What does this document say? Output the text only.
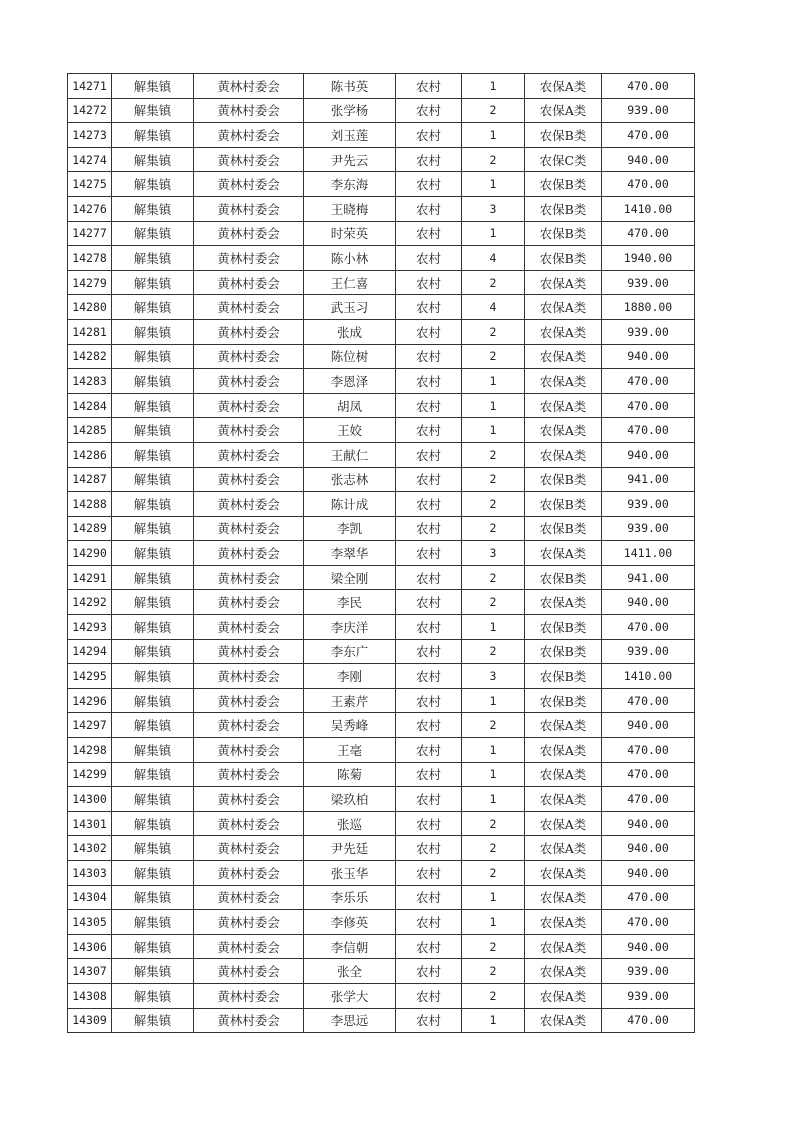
14271	解集镇	黄林村委会	陈书英	农村	1	农保A类	470.00
14272	解集镇	黄林村委会	张学杨	农村	2	农保A类	939.00
14273	解集镇	黄林村委会	刘玉莲	农村	1	农保B类	470.00
14274	解集镇	黄林村委会	尹先云	农村	2	农保C类	940.00
14275	解集镇	黄林村委会	李东海	农村	1	农保B类	470.00
14276	解集镇	黄林村委会	王晓梅	农村	3	农保B类	1410.00
14277	解集镇	黄林村委会	时荣英	农村	1	农保B类	470.00
14278	解集镇	黄林村委会	陈小林	农村	4	农保B类	1940.00
14279	解集镇	黄林村委会	王仁喜	农村	2	农保A类	939.00
14280	解集镇	黄林村委会	武玉习	农村	4	农保A类	1880.00
14281	解集镇	黄林村委会	张成	农村	2	农保A类	939.00
14282	解集镇	黄林村委会	陈位树	农村	2	农保A类	940.00
14283	解集镇	黄林村委会	李恩泽	农村	1	农保A类	470.00
14284	解集镇	黄林村委会	胡凤	农村	1	农保A类	470.00
14285	解集镇	黄林村委会	王姣	农村	1	农保A类	470.00
14286	解集镇	黄林村委会	王献仁	农村	2	农保A类	940.00
14287	解集镇	黄林村委会	张志林	农村	2	农保B类	941.00
14288	解集镇	黄林村委会	陈计成	农村	2	农保B类	939.00
14289	解集镇	黄林村委会	李凯	农村	2	农保B类	939.00
14290	解集镇	黄林村委会	李翠华	农村	3	农保A类	1411.00
14291	解集镇	黄林村委会	梁全刚	农村	2	农保B类	941.00
14292	解集镇	黄林村委会	李民	农村	2	农保A类	940.00
14293	解集镇	黄林村委会	李庆洋	农村	1	农保B类	470.00
14294	解集镇	黄林村委会	李东广	农村	2	农保B类	939.00
14295	解集镇	黄林村委会	李刚	农村	3	农保B类	1410.00
14296	解集镇	黄林村委会	王素芹	农村	1	农保B类	470.00
14297	解集镇	黄林村委会	吴秀峰	农村	2	农保A类	940.00
14298	解集镇	黄林村委会	王亳	农村	1	农保A类	470.00
14299	解集镇	黄林村委会	陈菊	农村	1	农保A类	470.00
14300	解集镇	黄林村委会	梁玖柏	农村	1	农保A类	470.00
14301	解集镇	黄林村委会	张巡	农村	2	农保A类	940.00
14302	解集镇	黄林村委会	尹先廷	农村	2	农保A类	940.00
14303	解集镇	黄林村委会	张玉华	农村	2	农保A类	940.00
14304	解集镇	黄林村委会	李乐乐	农村	1	农保A类	470.00
14305	解集镇	黄林村委会	李修英	农村	1	农保A类	470.00
14306	解集镇	黄林村委会	李信朝	农村	2	农保A类	940.00
14307	解集镇	黄林村委会	张全	农村	2	农保A类	939.00
14308	解集镇	黄林村委会	张学大	农村	2	农保A类	939.00
14309	解集镇	黄林村委会	李思远	农村	1	农保A类	470.00
